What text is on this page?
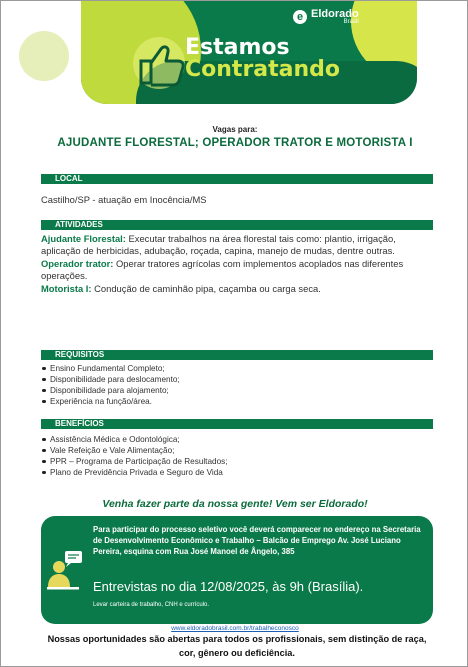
e Eldorado
Brasil
Estamos
Contratando
Vagas para:
AJUDANTE FLORESTAL; OPERADOR TRATOR E MOTORISTA I
LOCAL
Castilho/SP - atuação em Inocência/MS
ATIVIDADES
Ajudante Florestal: Executar trabalhos na área florestal tais como: plantio, irrigação, aplicação de herbicidas, adubação, roçada, capina, manejo de mudas, dentre outras.
Operador trator: Operar tratores agrícolas com implementos acoplados nas diferentes operações.
Motorista I: Condução de caminhão pipa, caçamba ou carga seca.
REQUISITOS
Ensino Fundamental Completo;
Disponibilidade para deslocamento;
Disponibilidade para alojamento;
Experiência na função/área.
BENEFÍCIOS
Assistência Médica e Odontológica;
Vale Refeição e Vale Alimentação;
PPR – Programa de Participação de Resultados;
Plano de Previdência Privada e Seguro de Vida
Venha fazer parte da nossa gente! Vem ser Eldorado!
Para participar do processo seletivo você deverá comparecer no endereço na Secretaria de Desenvolvimento Econômico e Trabalho – Balcão de Emprego Av. José Luciano Pereira, esquina com Rua José Manoel de Ângelo, 385
Entrevistas no dia 12/08/2025, às 9h (Brasília).
Levar carteira de trabalho, CNH e currículo.
www.eldoradobrasil.com.br/trabalheconosco
Nossas oportunidades são abertas para todos os profissionais, sem distinção de raça, cor, gênero ou deficiência.
